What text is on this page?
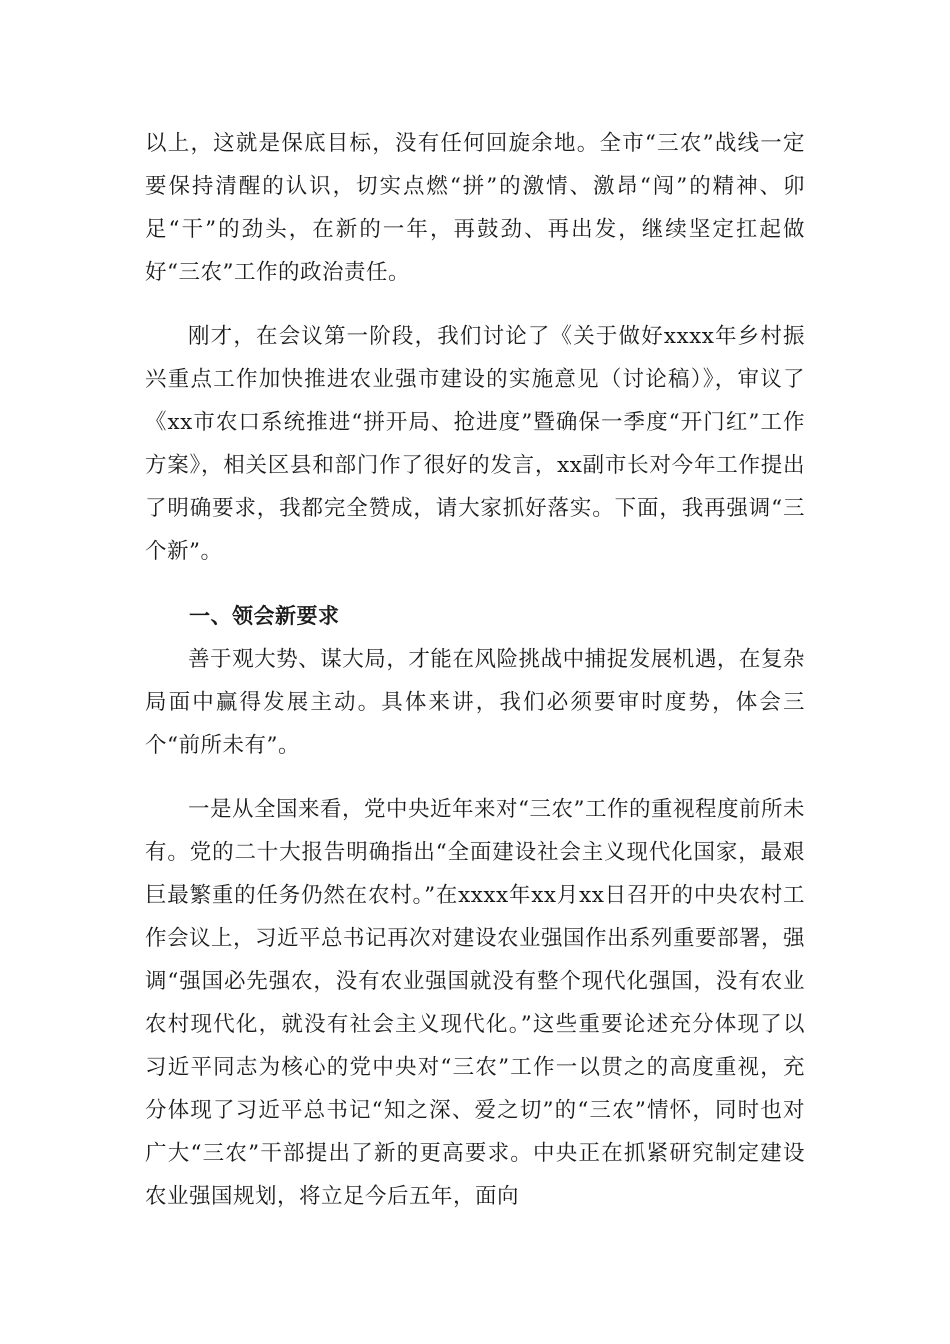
以上，这就是保底目标，没有任何回旋余地。全市“三农”战线一定要保持清醒的认识，切实点燃“拼”的激情、激昂“闯”的精神、卯足“干”的劲头，在新的一年，再鼓劲、再出发，继续坚定扛起做好“三农”工作的政治责任。

刚才，在会议第一阶段，我们讨论了《关于做好xxxx年乡村振兴重点工作加快推进农业强市建设的实施意见（讨论稿）》，审议了《xx市农口系统推进“拼开局、抢进度”暨确保一季度“开门红”工作方案》，相关区县和部门作了很好的发言，xx副市长对今年工作提出了明确要求，我都完全赞成，请大家抓好落实。下面，我再强调“三个新”。

一、领会新要求

善于观大势、谋大局，才能在风险挑战中捕捉发展机遇，在复杂局面中赢得发展主动。具体来讲，我们必须要审时度势，体会三个“前所未有”。

一是从全国来看，党中央近年来对“三农”工作的重视程度前所未有。党的二十大报告明确指出“全面建设社会主义现代化国家，最艰巨最繁重的任务仍然在农村。”在xxxx年xx月xx日召开的中央农村工作会议上，习近平总书记再次对建设农业强国作出系列重要部署，强调“强国必先强农，没有农业强国就没有整个现代化强国，没有农业农村现代化，就没有社会主义现代化。”这些重要论述充分体现了以习近平同志为核心的党中央对“三农”工作一以贯之的高度重视，充分体现了习近平总书记“知之深、爱之切”的“三农”情怀，同时也对广大“三农”干部提出了新的更高要求。中央正在抓紧研究制定建设农业强国规划，将立足今后五年，面向
